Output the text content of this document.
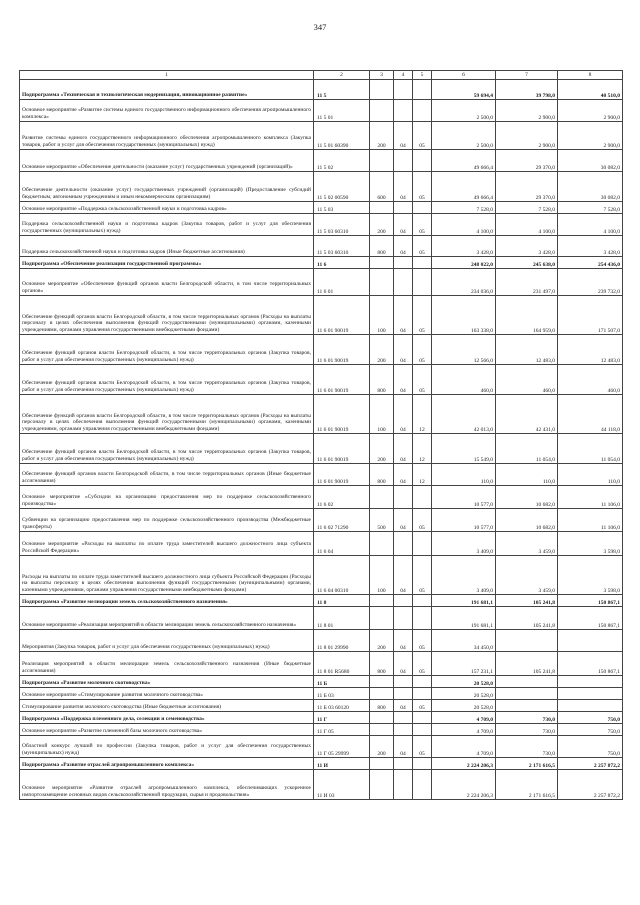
347
1	2	3	4	5	6	7	8
Подпрограмма «Техническая и технологическая модернизация, инновационное развитие»	11 5				59 694,4	39 798,0	40 510,0
Основное мероприятие «Развитие системы единого государственного информационного обеспечения агропромышленного комплекса»	11 5 01				2 500,0	2 900,0	2 900,0
Развитие системы единого государственного информационного обеспечения агропромышленного комплекса (Закупка товаров, работ и услуг для обеспечения государственных (муниципальных) нужд)	11 5 01 60390	200	04	05	2 500,0	2 900,0	2 900,0
Основное мероприятие «Обеспечение деятельности (оказание услуг) государственных учреждений (организаций)»	11 5 02				49 666,4	29 370,0	30 082,0
Обеспечение деятельности (оказание услуг) государственных учреждений (организаций) (Предоставление субсидий бюджетным, автономным учреждениям и иным некоммерческим организациям)	11 5 02 00590	600	04	05	49 666,4	29 370,0	30 082,0
Основное мероприятие «Поддержка сельскохозяйственной науки и подготовка кадров»	11 5 03				7 528,0	7 528,0	7 528,0
Поддержка сельскохозяйственной науки и подготовка кадров (Закупка товаров, работ и услуг для обеспечения государственных (муниципальных) нужд)	11 5 03 60310	200	04	05	4 100,0	4 100,0	4 100,0
Поддержка сельскохозяйственной науки и подготовка кадров (Иные бюджетные ассигнования)	11 5 03 60310	800	04	05	3 428,0	3 428,0	3 428,0
Подпрограмма «Обеспечение реализации государственной программы»	11 6				248 022,0	245 638,0	254 436,0
Основное мероприятие «Обеспечение функций органов власти Белгородской области, в том числе территориальных органов»	11 6 01				234 036,0	231 497,0	239 732,0
Обеспечение функций органов власти Белгородской области, в том числе территориальных органов (Расходы на выплаты персоналу в целях обеспечения выполнения функций государственными (муниципальными) органами, казенными учреждениями, органами управления государственными внебюджетными фондами)	11 6 01 90019	100	04	05	163 338,0	164 959,0	171 507,0
Обеспечение функций органов власти Белгородской области, в том числе территориальных органов (Закупка товаров, работ и услуг для обеспечения государственных (муниципальных) нужд)	11 6 01 90019	200	04	05	12 566,0	12 483,0	12 483,0
Обеспечение функций органов власти Белгородской области, в том числе территориальных органов (Закупка товаров, работ и услуг для обеспечения государственных (муниципальных) нужд)	11 6 01 90019	800	04	05	460,0	460,0	460,0
Обеспечение функций органов власти Белгородской области, в том числе территориальных органов (Расходы на выплаты персоналу в целях обеспечения выполнения функций государственными (муниципальными) органами, казенными учреждениями, органами управления государственными внебюджетными фондами)	11 6 01 90019	100	04	12	42 013,0	42 431,0	44 118,0
Обеспечение функций органов власти Белгородской области, в том числе территориальных органов (Закупка товаров, работ и услуг для обеспечения государственных (муниципальных) нужд)	11 6 01 90019	200	04	12	15 549,0	11 054,0	11 054,0
Обеспечение функций органов власти Белгородской области, в том числе территориальных органов (Иные бюджетные ассигнования)	11 6 01 90019	800	04	12	110,0	110,0	110,0
Основное мероприятие «Субсидии на организацию предоставления мер по поддержке сельскохозяйственного производства»	11 6 02				10 577,0	10 682,0	11 106,0
Субвенции на организацию предоставления мер по поддержке сельскохозяйственного производства (Межбюджетные трансферты)	11 6 02 71290	500	04	05	10 577,0	10 682,0	11 106,0
Основное мероприятие «Расходы на выплаты по оплате труда заместителей высшего должностного лица субъекта Российской Федерации»	11 6 04				3 409,0	3 459,0	3 598,0
Расходы на выплаты по оплате труда заместителей высшего должностного лица субъекта Российской Федерации (Расходы на выплаты персоналу в целях обеспечения выполнения функций государственными (муниципальными) органами, казенными учреждениями, органами управления государственными внебюджетными фондами)	11 6 04 00310	100	04	05	3 409,0	3 459,0	3 598,0
Подпрограмма «Развитие мелиорации земель сельскохозяйственного назначения»	11 8				191 681,1	105 241,8	150 867,1
Основное мероприятие «Реализация мероприятий в области мелиорации земель сельскохозяйственного назначения»	11 8 01				191 681,1	105 241,8	150 867,1
Мероприятия (Закупка товаров, работ и услуг для обеспечения государственных (муниципальных) нужд)	11 8 01 29990	200	04	05	34 450,0		
Реализация мероприятий в области мелиорации земель сельскохозяйственного назначения (Иные бюджетные ассигнования)	11 8 01 R5680	800	04	05	157 231,1	105 241,8	150 867,1
Подпрограмма «Развитие молочного скотоводства»	11 Б				20 528,0		
Основное мероприятие «Стимулирование развития молочного скотоводства»	11 Б 03				20 528,0		
Стимулирование развития молочного скотоводства (Иные бюджетные ассигнования)	11 Б 03 60120	800	04	05	20 528,0		
Подпрограмма «Поддержка племенного дела, селекции и семеноводства»	11 Г				4 709,0	730,0	750,0
Основное мероприятие «Развитие племенной базы молочного скотоводства»	11 Г 05				4 709,0	730,0	750,0
Областной конкурс лучший по профессии (Закупка товаров, работ и услуг для обеспечения государственных (муниципальных) нужд)	11 Г 05 29999	200	04	05	4 709,0	730,0	750,0
Подпрограмма «Развитие отраслей агропромышленного комплекса»	11 И				2 224 206,3	2 171 616,5	2 257 872,2
Основное мероприятие «Развитие отраслей агропромышленного комплекса, обеспечивающих ускоренное импортозамещение основных видов сельскохозяйственной продукции, сырья и продовольствия»	11 И 03				2 224 206,3	2 171 616,5	2 257 872,2
